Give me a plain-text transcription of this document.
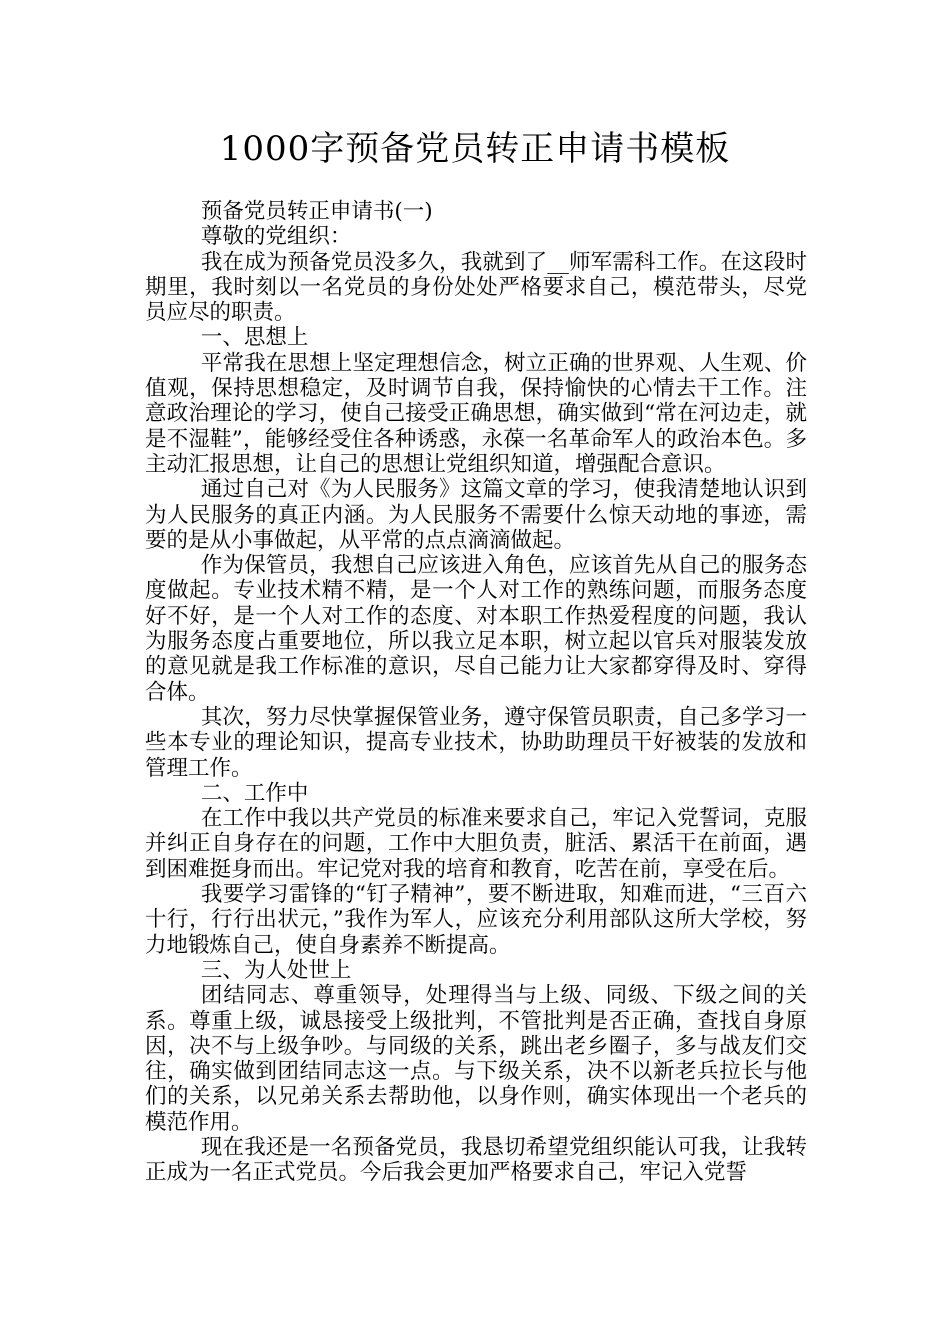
1000字预备党员转正申请书模板

预备党员转正申请书(一)

尊敬的党组织：

我在成为预备党员没多久，我就到了__师军需科工作。在这段时期里，我时刻以一名党员的身份处处严格要求自己，模范带头，尽党员应尽的职责。

一、思想上

平常我在思想上坚定理想信念，树立正确的世界观、人生观、价值观，保持思想稳定，及时调节自我，保持愉快的心情去干工作。注意政治理论的学习，使自己接受正确思想，确实做到“常在河边走，就是不湿鞋”，能够经受住各种诱惑，永葆一名革命军人的政治本色。多主动汇报思想，让自己的思想让党组织知道，增强配合意识。

通过自己对《为人民服务》这篇文章的学习，使我清楚地认识到为人民服务的真正内涵。为人民服务不需要什么惊天动地的事迹，需要的是从小事做起，从平常的点点滴滴做起。

作为保管员，我想自己应该进入角色，应该首先从自己的服务态度做起。专业技术精不精，是一个人对工作的熟练问题，而服务态度好不好，是一个人对工作的态度、对本职工作热爱程度的问题，我认为服务态度占重要地位，所以我立足本职，树立起以官兵对服装发放的意见就是我工作标准的意识，尽自己能力让大家都穿得及时、穿得合体。

其次，努力尽快掌握保管业务，遵守保管员职责，自己多学习一些本专业的理论知识，提高专业技术，协助助理员干好被装的发放和管理工作。

二、工作中

在工作中我以共产党员的标准来要求自己，牢记入党誓词，克服并纠正自身存在的问题，工作中大胆负责，脏活、累活干在前面，遇到困难挺身而出。牢记党对我的培育和教育，吃苦在前，享受在后。

我要学习雷锋的“钉子精神”，要不断进取，知难而进，“三百六十行，行行出状元，”我作为军人，应该充分利用部队这所大学校，努力地锻炼自己，使自身素养不断提高。

三、为人处世上

团结同志、尊重领导，处理得当与上级、同级、下级之间的关系。尊重上级，诚恳接受上级批判，不管批判是否正确，查找自身原因，决不与上级争吵。与同级的关系，跳出老乡圈子，多与战友们交往，确实做到团结同志这一点。与下级关系，决不以新老兵拉长与他们的关系，以兄弟关系去帮助他，以身作则，确实体现出一个老兵的模范作用。

现在我还是一名预备党员，我恳切希望党组织能认可我，让我转正成为一名正式党员。今后我会更加严格要求自己，牢记入党誓
